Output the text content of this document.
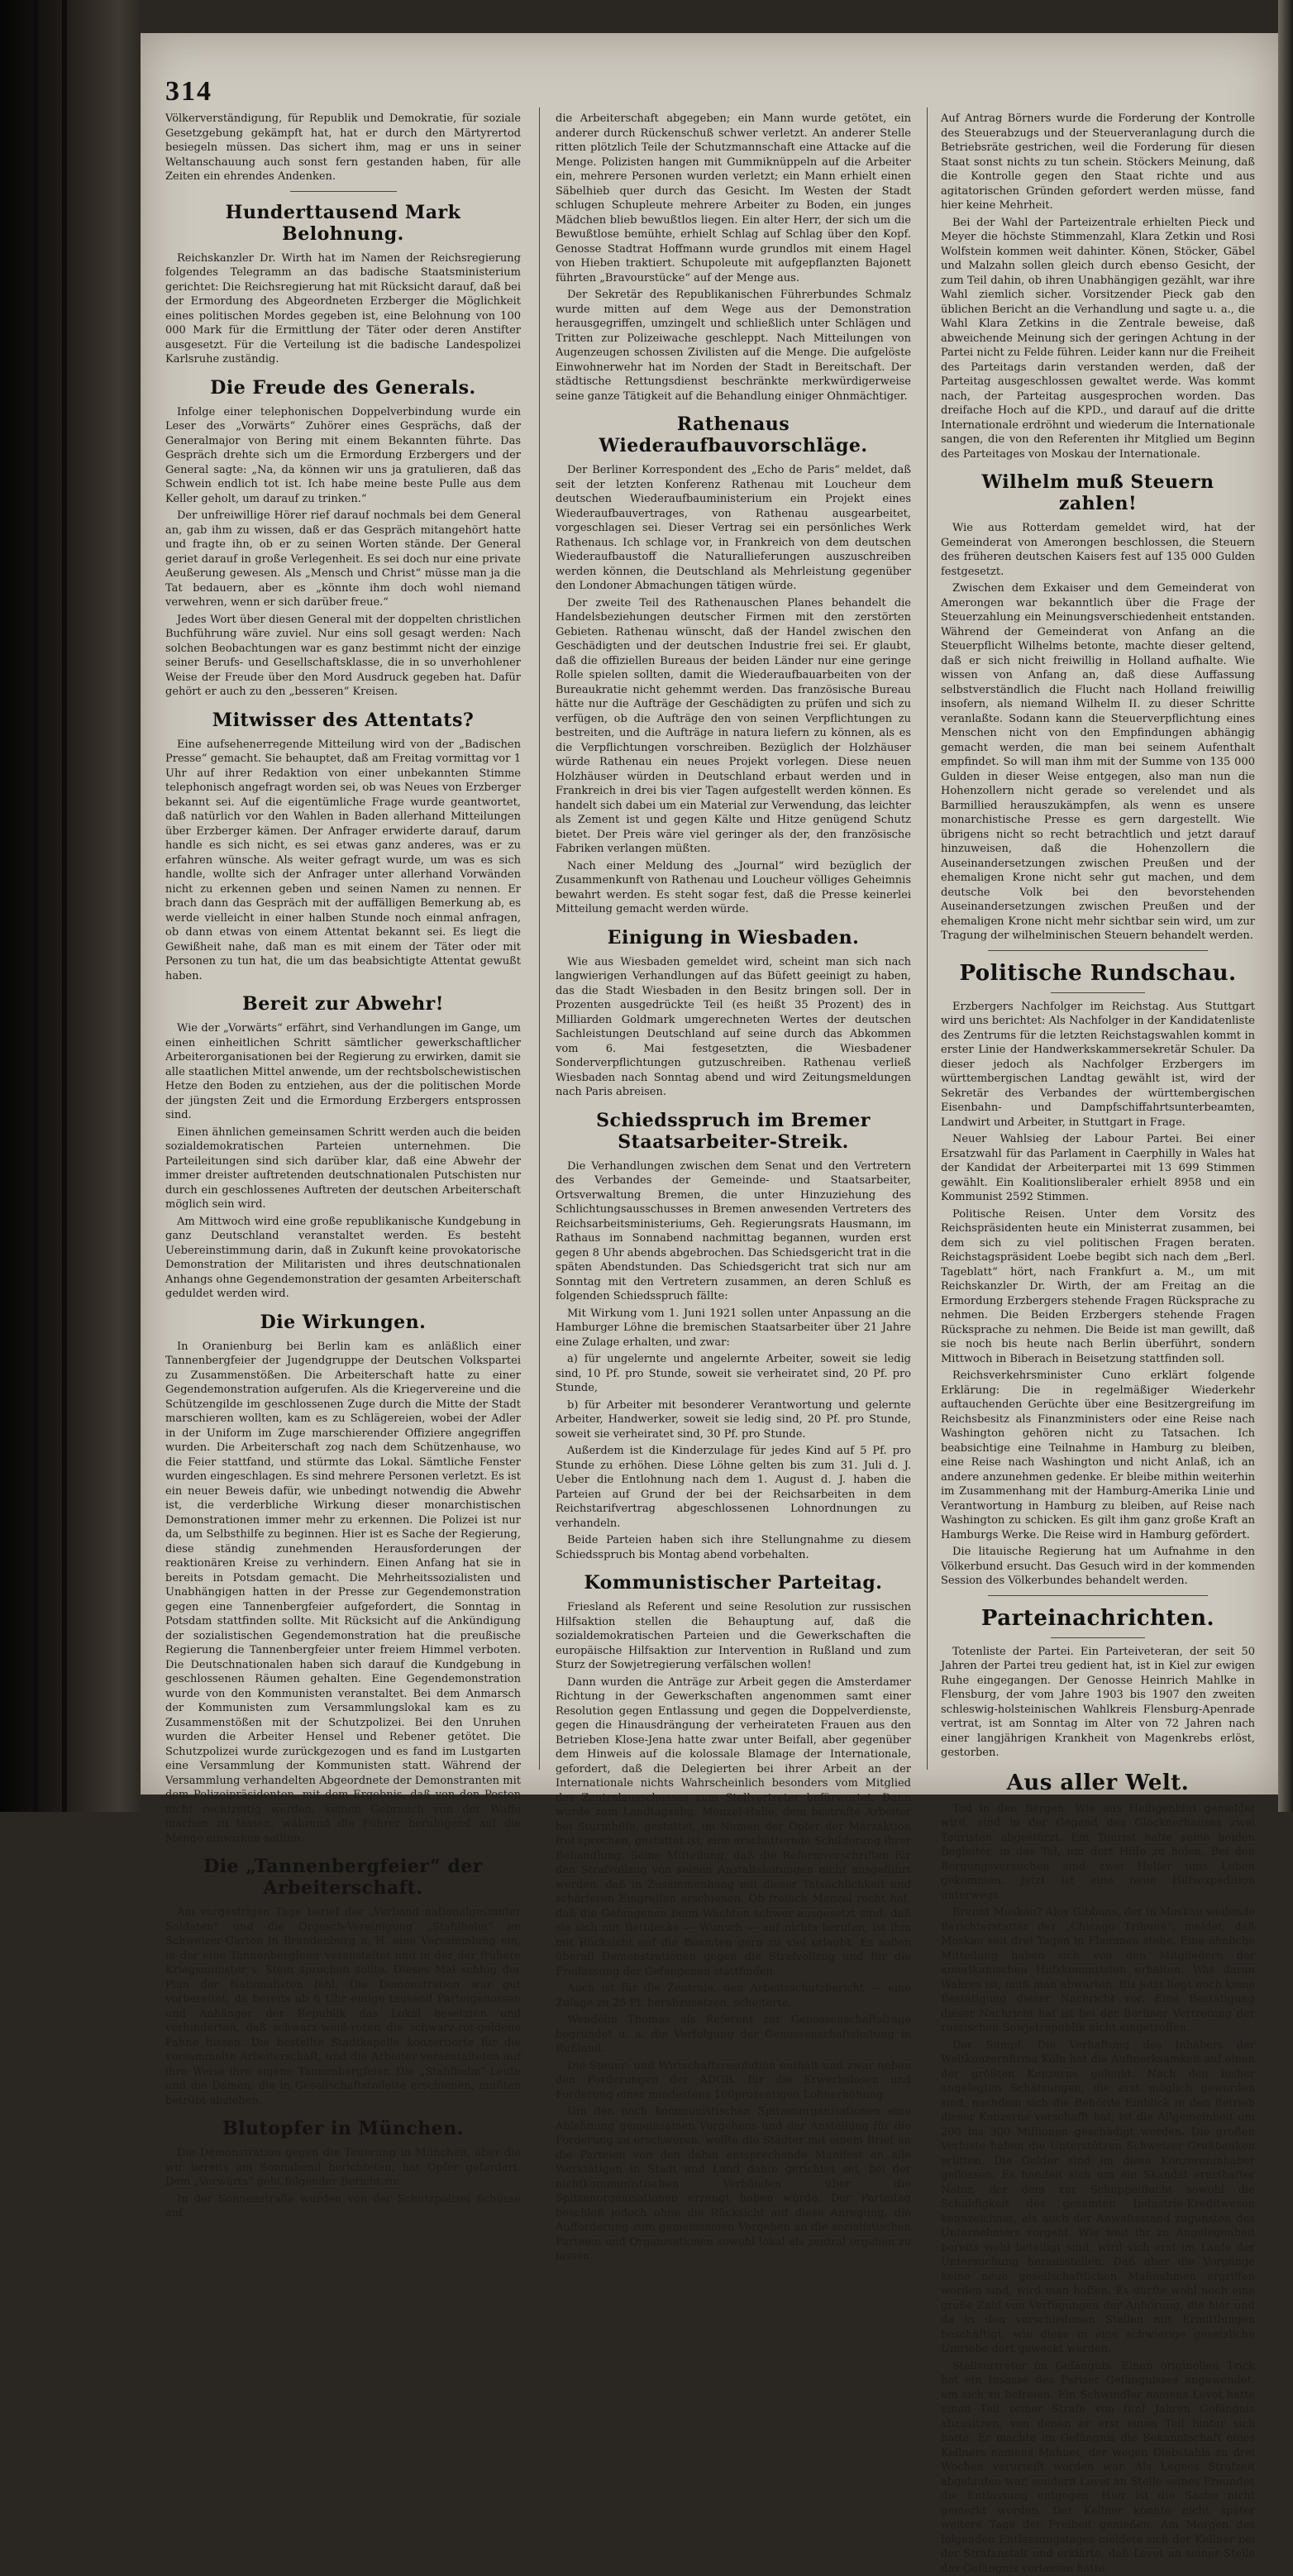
314

Völkerverständigung, für Republik und Demokratie, für soziale Gesetzgebung gekämpft hat, hat er durch den Märtyrertod besiegeln müssen. Das sichert ihm, mag er uns in seiner Weltanschauung auch sonst fern gestanden haben, für alle Zeiten ein ehrendes Andenken.

Hunderttausend Mark Belohnung.

Reichskanzler Dr. Wirth hat im Namen der Reichsregierung folgendes Telegramm an das badische Staatsministerium gerichtet: Die Reichsregierung hat mit Rücksicht darauf, daß bei der Ermordung des Abgeordneten Erzberger die Möglichkeit eines politischen Mordes gegeben ist, eine Belohnung von 100 000 Mark für die Ermittlung der Täter oder deren Anstifter ausgesetzt. Für die Verteilung ist die badische Landespolizei Karlsruhe zuständig.

Die Freude des Generals.

Infolge einer telephonischen Doppelverbindung wurde ein Leser des „Vorwärts“ Zuhörer eines Gesprächs, daß der Generalmajor von Bering mit einem Bekannten führte. Das Gespräch drehte sich um die Ermordung Erzbergers und der General sagte: „Na, da können wir uns ja gratulieren, daß das Schwein endlich tot ist. Ich habe meine beste Pulle aus dem Keller geholt, um darauf zu trinken.“

Der unfreiwillige Hörer rief darauf nochmals bei dem General an, gab ihm zu wissen, daß er das Gespräch mitangehört hatte und fragte ihn, ob er zu seinen Worten stände. Der General geriet darauf in große Verlegenheit. Es sei doch nur eine private Aeußerung gewesen. Als „Mensch und Christ“ müsse man ja die Tat bedauern, aber es „könnte ihm doch wohl niemand verwehren, wenn er sich darüber freue.“

Jedes Wort über diesen General mit der doppelten christlichen Buchführung wäre zuviel. Nur eins soll gesagt werden: Nach solchen Beobachtungen war es ganz bestimmt nicht der einzige seiner Berufs- und Gesellschaftsklasse, die in so unverhohlener Weise der Freude über den Mord Ausdruck gegeben hat. Dafür gehört er auch zu den „besseren“ Kreisen.

Mitwisser des Attentats?

Eine aufsehenerregende Mitteilung wird von der „Badischen Presse“ gemacht. Sie behauptet, daß am Freitag vormittag vor 1 Uhr auf ihrer Redaktion von einer unbekannten Stimme telephonisch angefragt worden sei, ob was Neues von Erzberger bekannt sei. Auf die eigentümliche Frage wurde geantwortet, daß natürlich vor den Wahlen in Baden allerhand Mitteilungen über Erzberger kämen. Der Anfrager erwiderte darauf, darum handle es sich nicht, es sei etwas ganz anderes, was er zu erfahren wünsche. Als weiter gefragt wurde, um was es sich handle, wollte sich der Anfrager unter allerhand Vorwänden nicht zu erkennen geben und seinen Namen zu nennen. Er brach dann das Gespräch mit der auffälligen Bemerkung ab, es werde vielleicht in einer halben Stunde noch einmal anfragen, ob dann etwas von einem Attentat bekannt sei. Es liegt die Gewißheit nahe, daß man es mit einem der Täter oder mit Personen zu tun hat, die um das beabsichtigte Attentat gewußt haben.

Bereit zur Abwehr!

Wie der „Vorwärts“ erfährt, sind Verhandlungen im Gange, um einen einheitlichen Schritt sämtlicher gewerkschaftlicher Arbeiterorganisationen bei der Regierung zu erwirken, damit sie alle staatlichen Mittel anwende, um der rechtsbolschewistischen Hetze den Boden zu entziehen, aus der die politischen Morde der jüngsten Zeit und die Ermordung Erzbergers entsprossen sind.

Einen ähnlichen gemeinsamen Schritt werden auch die beiden sozialdemokratischen Parteien unternehmen. Die Parteileitungen sind sich darüber klar, daß eine Abwehr der immer dreister auftretenden deutschnationalen Putschisten nur durch ein geschlossenes Auftreten der deutschen Arbeiterschaft möglich sein wird.

Am Mittwoch wird eine große republikanische Kundgebung in ganz Deutschland veranstaltet werden. Es besteht Uebereinstimmung darin, daß in Zukunft keine provokatorische Demonstration der Militaristen und ihres deutschnationalen Anhangs ohne Gegendemonstration der gesamten Arbeiterschaft geduldet werden wird.

Die Wirkungen.

In Oranienburg bei Berlin kam es anläßlich einer Tannenbergfeier der Jugendgruppe der Deutschen Volkspartei zu Zusammenstößen. Die Arbeiterschaft hatte zu einer Gegendemonstration aufgerufen. Als die Kriegervereine und die Schützengilde im geschlossenen Zuge durch die Mitte der Stadt marschieren wollten, kam es zu Schlägereien, wobei der Adler in der Uniform im Zuge marschierender Offiziere angegriffen wurden. Die Arbeiterschaft zog nach dem Schützenhause, wo die Feier stattfand, und stürmte das Lokal. Sämtliche Fenster wurden eingeschlagen. Es sind mehrere Personen verletzt. Es ist ein neuer Beweis dafür, wie unbedingt notwendig die Abwehr ist, die verderbliche Wirkung dieser monarchistischen Demonstrationen immer mehr zu erkennen. Die Polizei ist nur da, um Selbsthilfe zu beginnen. Hier ist es Sache der Regierung, diese ständig zunehmenden Herausforderungen der reaktionären Kreise zu verhindern. Einen Anfang hat sie in bereits in Potsdam gemacht. Die Mehrheitssozialisten und Unabhängigen hatten in der Presse zur Gegendemonstration gegen eine Tannenbergfeier aufgefordert, die Sonntag in Potsdam stattfinden sollte. Mit Rücksicht auf die Ankündigung der sozialistischen Gegendemonstration hat die preußische Regierung die Tannenbergfeier unter freiem Himmel verboten. Die Deutschnationalen haben sich darauf die Kundgebung in geschlossenen Räumen gehalten. Eine Gegendemonstration wurde von den Kommunisten veranstaltet. Bei dem Anmarsch der Kommunisten zum Versammlungslokal kam es zu Zusammenstößen mit der Schutzpolizei. Bei den Unruhen wurden die Arbeiter Hensel und Rebener getötet. Die Schutzpolizei wurde zurückgezogen und es fand im Lustgarten eine Versammlung der Kommunisten statt. Während der Versammlung verhandelten Abgeordnete der Demonstranten mit dem Polizeipräsidenten, mit dem Ergebnis, daß von den Posten nicht rechtzeitig werden, keinen Gebrauch von der Waffe machen zu lassen, während die Führer beruhigend auf die Menge einwirken sollten.

Die „Tannenbergfeier“ der Arbeiterschaft.

Am vorgestrigen Tage berief der „Verband nationalgesinnter Soldaten“ und die Orgesch-Vereinigung „Stahlhelm“ im Schweizer-Garten in Brandenburg a. H. eine Versammlung ein, in der eine Tannenbergfeier veranstaltet und in der der frühere Kriegsminister v. Stein sprechen sollte. Dieses Mal schlug der Plan der Nationalisten fehl. Die Demonstration war gut vorbereitet, da bereits ab 6 Uhr einige tausend Parteigenossen und Anhänger der Republik das Lokal besetzten und verhinderten, daß schwarz-weiß-roten die schwarz-rot-goldene Fahne hissen. Die bestellte Stadtkapelle konzertierte für die versammelte Arbeiterschaft, und die Arbeiter veranstalteten auf ihre Weise ihre eigene Tannenbergfeier. Die „Stahlhelm“-Leute und die Damen, die in Gesellschaftstoilette erschienen, mußten betrübt abziehen.

Blutopfer in München.

Die Demonstration gegen die Teuerung in München, über die wir bereits am Sonnabend berichteten, hat Opfer gefordert. Dem „Vorwärts“ geht folgender Bericht zu:

In der Sonnenstraße wurden von der Schutzpolizei Schüsse auf

die Arbeiterschaft abgegeben; ein Mann wurde getötet, ein anderer durch Rückenschuß schwer verletzt. An anderer Stelle ritten plötzlich Teile der Schutzmannschaft eine Attacke auf die Menge. Polizisten hangen mit Gummiknüppeln auf die Arbeiter ein, mehrere Personen wurden verletzt; ein Mann erhielt einen Säbelhieb quer durch das Gesicht. Im Westen der Stadt schlugen Schupleute mehrere Arbeiter zu Boden, ein junges Mädchen blieb bewußtlos liegen. Ein alter Herr, der sich um die Bewußtlose bemühte, erhielt Schlag auf Schlag über den Kopf. Genosse Stadtrat Hoffmann wurde grundlos mit einem Hagel von Hieben traktiert. Schupoleute mit aufgepflanzten Bajonett führten „Bravourstücke“ auf der Menge aus.

Der Sekretär des Republikanischen Führerbundes Schmalz wurde mitten auf dem Wege aus der Demonstration herausgegriffen, umzingelt und schließlich unter Schlägen und Tritten zur Polizeiwache geschleppt. Nach Mitteilungen von Augenzeugen schossen Zivilisten auf die Menge. Die aufgelöste Einwohnerwehr hat im Norden der Stadt in Bereitschaft. Der städtische Rettungsdienst beschränkte merkwürdigerweise seine ganze Tätigkeit auf die Behandlung einiger Ohnmächtiger.

Rathenaus Wiederaufbauvorschläge.

Der Berliner Korrespondent des „Echo de Paris“ meldet, daß seit der letzten Konferenz Rathenau mit Loucheur dem deutschen Wiederaufbauministerium ein Projekt eines Wiederaufbauvertrages, von Rathenau ausgearbeitet, vorgeschlagen sei. Dieser Vertrag sei ein persönliches Werk Rathenaus. Ich schlage vor, in Frankreich von dem deutschen Wiederaufbaustoff die Naturallieferungen auszuschreiben werden können, die Deutschland als Mehrleistung gegenüber den Londoner Abmachungen tätigen würde.

Der zweite Teil des Rathenauschen Planes behandelt die Handelsbeziehungen deutscher Firmen mit den zerstörten Gebieten. Rathenau wünscht, daß der Handel zwischen den Geschädigten und der deutschen Industrie frei sei. Er glaubt, daß die offiziellen Bureaus der beiden Länder nur eine geringe Rolle spielen sollten, damit die Wiederaufbauarbeiten von der Bureaukratie nicht gehemmt werden. Das französische Bureau hätte nur die Aufträge der Geschädigten zu prüfen und sich zu verfügen, ob die Aufträge den von seinen Verpflichtungen zu bestreiten, und die Aufträge in natura liefern zu können, als es die Verpflichtungen vorschreiben. Bezüglich der Holzhäuser würde Rathenau ein neues Projekt vorlegen. Diese neuen Holzhäuser würden in Deutschland erbaut werden und in Frankreich in drei bis vier Tagen aufgestellt werden können. Es handelt sich dabei um ein Material zur Verwendung, das leichter als Zement ist und gegen Kälte und Hitze genügend Schutz bietet. Der Preis wäre viel geringer als der, den französische Fabriken verlangen müßten.

Nach einer Meldung des „Journal“ wird bezüglich der Zusammenkunft von Rathenau und Loucheur völliges Geheimnis bewahrt werden. Es steht sogar fest, daß die Presse keinerlei Mitteilung gemacht werden würde.

Einigung in Wiesbaden.

Wie aus Wiesbaden gemeldet wird, scheint man sich nach langwierigen Verhandlungen auf das Büfett geeinigt zu haben, das die Stadt Wiesbaden in den Besitz bringen soll. Der in Prozenten ausgedrückte Teil (es heißt 35 Prozent) des in Milliarden Goldmark umgerechneten Wertes der deutschen Sachleistungen Deutschland auf seine durch das Abkommen vom 6. Mai festgesetzten, die Wiesbadener Sonderverpflichtungen gutzuschreiben. Rathenau verließ Wiesbaden nach Sonntag abend und wird Zeitungsmeldungen nach Paris abreisen.

Schiedsspruch im Bremer Staatsarbeiter-Streik.

Die Verhandlungen zwischen dem Senat und den Vertretern des Verbandes der Gemeinde- und Staatsarbeiter, Ortsverwaltung Bremen, die unter Hinzuziehung des Schlichtungsausschusses in Bremen anwesenden Vertreters des Reichsarbeitsministeriums, Geh. Regierungsrats Hausmann, im Rathaus im Sonnabend nachmittag begannen, wurden erst gegen 8 Uhr abends abgebrochen. Das Schiedsgericht trat in die späten Abendstunden. Das Schiedsgericht trat sich nur am Sonntag mit den Vertretern zusammen, an deren Schluß es folgenden Schiedsspruch fällte:

Mit Wirkung vom 1. Juni 1921 sollen unter Anpassung an die Hamburger Löhne die bremischen Staatsarbeiter über 21 Jahre eine Zulage erhalten, und zwar:

a) für ungelernte und angelernte Arbeiter, soweit sie ledig sind, 10 Pf. pro Stunde, soweit sie verheiratet sind, 20 Pf. pro Stunde,

b) für Arbeiter mit besonderer Verantwortung und gelernte Arbeiter, Handwerker, soweit sie ledig sind, 20 Pf. pro Stunde, soweit sie verheiratet sind, 30 Pf. pro Stunde.

Außerdem ist die Kinderzulage für jedes Kind auf 5 Pf. pro Stunde zu erhöhen. Diese Löhne gelten bis zum 31. Juli d. J. Ueber die Entlohnung nach dem 1. August d. J. haben die Parteien auf Grund der bei der Reichsarbeiten in dem Reichstarifvertrag abgeschlossenen Lohnordnungen zu verhandeln.

Beide Parteien haben sich ihre Stellungnahme zu diesem Schiedsspruch bis Montag abend vorbehalten.

Kommunistischer Parteitag.

Friesland als Referent und seine Resolution zur russischen Hilfsaktion stellen die Behauptung auf, daß die sozialdemokratischen Parteien und die Gewerkschaften die europäische Hilfsaktion zur Intervention in Rußland und zum Sturz der Sowjetregierung verfälschen wollen!

Dann wurden die Anträge zur Arbeit gegen die Amsterdamer Richtung in der Gewerkschaften angenommen samt einer Resolution gegen Entlassung und gegen die Doppelverdienste, gegen die Hinausdrängung der verheirateten Frauen aus den Betrieben Klose-Jena hatte zwar unter Beifall, aber gegenüber dem Hinweis auf die kolossale Blamage der Internationale, gefordert, daß die Delegierten bei ihrer Arbeit an der Internationale nichts Wahrscheinlich besonders vom Mitglied des Zentralausschusses zum Stellvertreter befürwortet. Dann wurde zum Landtagsabg. Menzel-Halle, dem bestrafte Arbeiter bei Sturmhilfe, gestattet, im Namen der Opfer der Märzaktion frei sprechen, gestattet ist, eine erschütternde Schilderung ihrer Behandlung. Seine Mitteilung, daß die Reformvorschriften für den Strafvollzug von seinen Anstaltsleitungen nicht ausgeführt werden, daß in Zusammenhang mit dieser Tatsächlichkeit und schärferen Eingreifen erschienen. Ob freilich Menzel recht hat, daß die Gefangenen beim Wächten schwer ausgesetzt sind, daß sie sich mit Bettdecke — Wunsch — auf nichts berufen, ist ihm mit Rücksicht auf die Beamten gern zu viel erlaubt. Es sollen überall Demonstrationen gegen die Strafvollzug und für die Freilassung der Gefangenen stattfinden.

Auch ist für die Zentrale, den Arbeitsschutzbericht — eine Zulage zu 25 Pf. herabzusetzen, scheiterte.

Wendelin Thomas als Referent zur Genossenschaftsfrage begründet u. a. die Verfolgung der Genossenschaftsleitung in Rußland.

Die Steuer- und Wirtschaftsresolution enthält und zwar neben den Forderungen der ADGB. für die Erwerbslosen und Forderung einer mindestens 100prozentigen Lohnerhöhung.

Um den nach kommunistischen Spitzenorganisationen eine Ablehnung gemeinsamen Vorgehens und der Anstellung für die Forderung zu erschweren, wollte die Städter mit einem Brief an die Parteien von den dahin entsprechende Manifest an alle Werktätigen in Stadt und Land dahin gerichtet sei, bei der nichtkommunistischen Verbänden über die Spitzenorganisationen erzeugt haben würde. Der Parteitag beschloß jedoch ohne die Rücksicht auf diese Anregung, die Aufforderung zum gemeinsamen Vorgehen an die sozialistischen Parteien und Organisationen sowohl lokal als zentral ergehen zu lassen.

Auf Antrag Börners wurde die Forderung der Kontrolle des Steuerabzugs und der Steuerveranlagung durch die Betriebsräte gestrichen, weil die Forderung für diesen Staat sonst nichts zu tun schein. Stöckers Meinung, daß die Kontrolle gegen den Staat richte und aus agitatorischen Gründen gefordert werden müsse, fand hier keine Mehrheit.

Bei der Wahl der Parteizentrale erhielten Pieck und Meyer die höchste Stimmenzahl, Klara Zetkin und Rosi Wolfstein kommen weit dahinter. Könen, Stöcker, Gäbel und Malzahn sollen gleich durch ebenso Gesicht, der zum Teil dahin, ob ihren Unabhängigen gezählt, war ihre Wahl ziemlich sicher. Vorsitzender Pieck gab den üblichen Bericht an die Verhandlung und sagte u. a., die Wahl Klara Zetkins in die Zentrale beweise, daß abweichende Meinung sich der geringen Achtung in der Partei nicht zu Felde führen. Leider kann nur die Freiheit des Parteitags darin verstanden werden, daß der Parteitag ausgeschlossen gewaltet werde. Was kommt nach, der Parteitag ausgesprochen worden. Das dreifache Hoch auf die KPD., und darauf auf die dritte Internationale erdröhnt und wiederum die Internationale sangen, die von den Referenten ihr Mitglied um Beginn des Parteitages von Moskau der Internationale.

Wilhelm muß Steuern zahlen!

Wie aus Rotterdam gemeldet wird, hat der Gemeinderat von Amerongen beschlossen, die Steuern des früheren deutschen Kaisers fest auf 135 000 Gulden festgesetzt.

Zwischen dem Exkaiser und dem Gemeinderat von Amerongen war bekanntlich über die Frage der Steuerzahlung ein Meinungsverschiedenheit entstanden. Während der Gemeinderat von Anfang an die Steuerpflicht Wilhelms betonte, machte dieser geltend, daß er sich nicht freiwillig in Holland aufhalte. Wie wissen von Anfang an, daß diese Auffassung selbstverständlich die Flucht nach Holland freiwillig insofern, als niemand Wilhelm II. zu dieser Schritte veranlaßte. Sodann kann die Steuerverpflichtung eines Menschen nicht von den Empfindungen abhängig gemacht werden, die man bei seinem Aufenthalt empfindet. So will man ihm mit der Summe von 135 000 Gulden in dieser Weise entgegen, also man nun die Hohenzollern nicht gerade so verelendet und als Barmillied herauszukämpfen, als wenn es unsere monarchistische Presse es gern dargestellt. Wie übrigens nicht so recht betrachtlich und jetzt darauf hinzuweisen, daß die Hohenzollern die Auseinandersetzungen zwischen Preußen und der ehemaligen Krone nicht sehr gut machen, und dem deutsche Volk bei den bevorstehenden Auseinandersetzungen zwischen Preußen und der ehemaligen Krone nicht mehr sichtbar sein wird, um zur Tragung der wilhelminischen Steuern behandelt werden.

Politische Rundschau.

Erzbergers Nachfolger im Reichstag. Aus Stuttgart wird uns berichtet: Als Nachfolger in der Kandidatenliste des Zentrums für die letzten Reichstagswahlen kommt in erster Linie der Handwerkskammersekretär Schuler. Da dieser jedoch als Nachfolger Erzbergers im württembergischen Landtag gewählt ist, wird der Sekretär des Verbandes der württembergischen Eisenbahn- und Dampfschiffahrtsunterbeamten, Landwirt und Arbeiter, in Stuttgart in Frage.

Neuer Wahlsieg der Labour Partei. Bei einer Ersatzwahl für das Parlament in Caerphilly in Wales hat der Kandidat der Arbeiterpartei mit 13 699 Stimmen gewählt. Ein Koalitionsliberaler erhielt 8958 und ein Kommunist 2592 Stimmen.

Politische Reisen. Unter dem Vorsitz des Reichspräsidenten heute ein Ministerrat zusammen, bei dem sich zu viel politischen Fragen beraten. Reichstagspräsident Loebe begibt sich nach dem „Berl. Tageblatt“ hört, nach Frankfurt a. M., um mit Reichskanzler Dr. Wirth, der am Freitag an die Ermordung Erzbergers stehende Fragen Rücksprache zu nehmen. Die Beiden Erzbergers stehende Fragen Rücksprache zu nehmen. Die Beide ist man gewillt, daß sie noch bis heute nach Berlin überführt, sondern Mittwoch in Biberach in Beisetzung stattfinden soll.

Reichsverkehrsminister Cuno erklärt folgende Erklärung: Die in regelmäßiger Wiederkehr auftauchenden Gerüchte über eine Besitzergreifung im Reichsbesitz als Finanzministers oder eine Reise nach Washington gehören nicht zu Tatsachen. Ich beabsichtige eine Teilnahme in Hamburg zu bleiben, eine Reise nach Washington und nicht Anlaß, ich an andere anzunehmen gedenke. Er bleibe mithin weiterhin im Zusammenhang mit der Hamburg-Amerika Linie und Verantwortung in Hamburg zu bleiben, auf Reise nach Washington zu schicken. Es gilt ihm ganz große Kraft an Hamburgs Werke. Die Reise wird in Hamburg gefördert.

Die litauische Regierung hat um Aufnahme in den Völkerbund ersucht. Das Gesuch wird in der kommenden Session des Völkerbundes behandelt werden.

Parteinachrichten.

Totenliste der Partei. Ein Parteiveteran, der seit 50 Jahren der Partei treu gedient hat, ist in Kiel zur ewigen Ruhe eingegangen. Der Genosse Heinrich Mahlke in Flensburg, der vom Jahre 1903 bis 1907 den zweiten schleswig-holsteinischen Wahlkreis Flensburg-Apenrade vertrat, ist am Sonntag im Alter von 72 Jahren nach einer langjährigen Krankheit von Magenkrebs erlöst, gestorben.

Aus aller Welt.

Tod in den Bergen. Wie aus Heiligenblut gemeldet wird, sind in der Gegend des Glocknerhauses zwei Touristen abgestürzt. Ein Tourist hatte seine beiden Begleiter, in das Tal, um dort Hilfe zu holen. Bei den Bergungsversuchen sind zwei Helfer ums Leben gekommen. Jetzt ist eine neue Hilfsexpedition unterwegs.

Brennt Moskau? Aloy Gibbons, der in Moskau weilende Berichterstatter der „Chicago Tribune“, meldet, daß Moskau seit drei Tagen in Flammen stehe. Eine ähnliche Mitteilung haben sich von den Mitgliedern der amerikanischen Hilfskommission erhalten. Was daran Wahres ist, muß man abwarten. Bis jetzt liegt noch keine Bestätigung dieser Nachricht vor. Eine Bestätigung dieser Nachricht hat ist bei der Berliner Vertretung der russischen Sowjetrepublik nicht eingetroffen.

Der Sumpf. Die Verhaftung des Inhabers der Weltkonzernfirma Köln hat die Aufmerksamkeit auf einen der größten Konzerne gelenkt. Nach den bisher angelegten Schätzungen, die erst möglich geworden sind, nachdem sich die Behörde Einblick in den Betrieb dieser Konzerne verschafft hat, ist die Allgemeinheit um 200 bis 300 Millionen geschädigt worden. Die großen Verluste haben die Unterstützen Schweizer Großbanken erlitten. Die Gelder sind im diese Konzernninhaber geflossen. Es handelt sich um ein Skandal ernsthafter Natur, der dem zur Schuppelflucht sowohl die Schuldigkeit des gesamten Industrie-Kreditwesen kennzeichnet, als auch der Anwaltsstand zugunsten des Unternehmers vorgeht. Wie weit ihr zu Angelegenheit bereits wohl beteiligt sind, wird sich erst im Laufe der Untersuchung herausstellen. Daß aber die Vorgänge keine neue gesellschaftlichen Maßnahmen ergriffen worden sind, wird man hoffen. Es dürfte wohl noch eine große Zahl von Verfügungen der Anhörung, die hier und da in den verschiedenen Stellen mit Ermittlungen beschäftigt, wie diese in eine schwierige gesetzliche Umriebe dort geweckt werden.

Stellvertreter im Gefängnis. Einen originellen Trick hat ein Insasse des Pariser Gefängnisses angewendet, um sich zu befreien. Ein Schwindler namens Levet hatte einen Teil seiner Strafe von fünf Jahren Gefängnis abzusitzen, von denen er erst einen Teil hinter sich hatte. Er machte im Gefängnis die Bekanntschaft eines Kellners namens Mahuet, der wegen Diebstahls zu drei Wochen verurteilt worden war. Als Legees Strafzeit abgelaufen war, sondern Levet an Stelle seines Freundes die Entlassung entgegen. Hier ist die Sache nicht gemerkt worden. Der Kellner konnte nicht später weitere Tage der Freiheit genießen. Am Morgen des folgenden Entlassungstages meldete sich der Kellner bei der Strafanstalt und erklärte, daß Levet an seiner Stelle das Gefängnis verlassen hatte.
